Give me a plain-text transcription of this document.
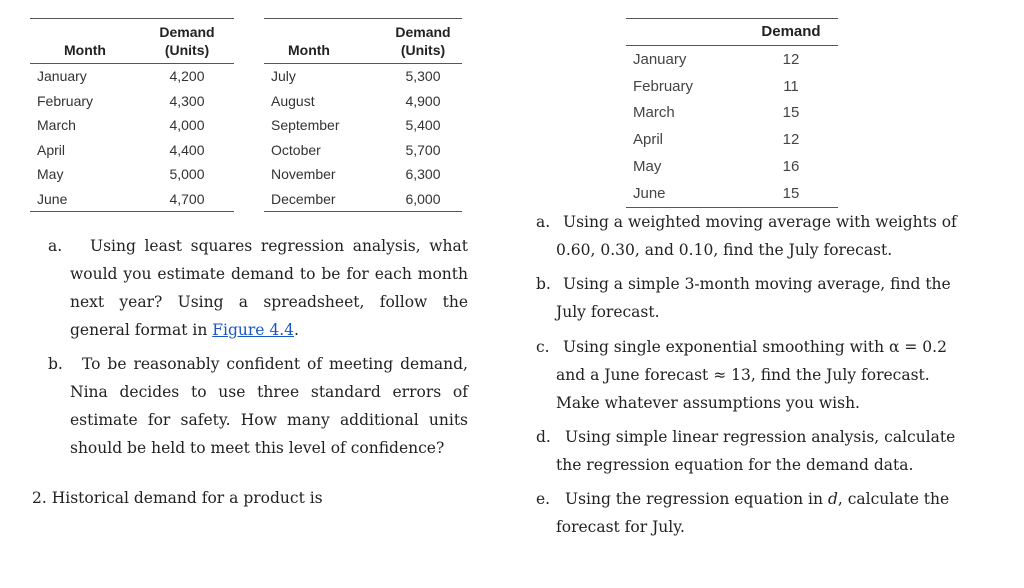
Month	Demand
(Units)
January	4,200
February	4,300
March	4,000
April	4,400
May	5,000
June	4,700
Month	Demand
(Units)
July	5,300
August	4,900
September	5,400
October	5,700
November	6,300
December	6,000
	Demand
January	12
February	11
March	15
April	12
May	16
June	15
a.	Using least squares regression analysis, what would you estimate demand to be for each month next year? Using a spreadsheet, follow the general format in Figure 4.4.
b.	To be reasonably confident of meeting demand, Nina decides to use three standard errors of estimate for safety. How many additional units should be held to meet this level of confidence?
2. Historical demand for a product is
a. Using a weighted moving average with weights of 0.60, 0.30, and 0.10, find the July forecast.
b. Using a simple 3-month moving average, find the July forecast.
c. Using single exponential smoothing with α = 0.2 and a June forecast ≈ 13, find the July forecast. Make whatever assumptions you wish.
d. Using simple linear regression analysis, calculate the regression equation for the demand data.
e. Using the regression equation in d, calculate the forecast for July.
